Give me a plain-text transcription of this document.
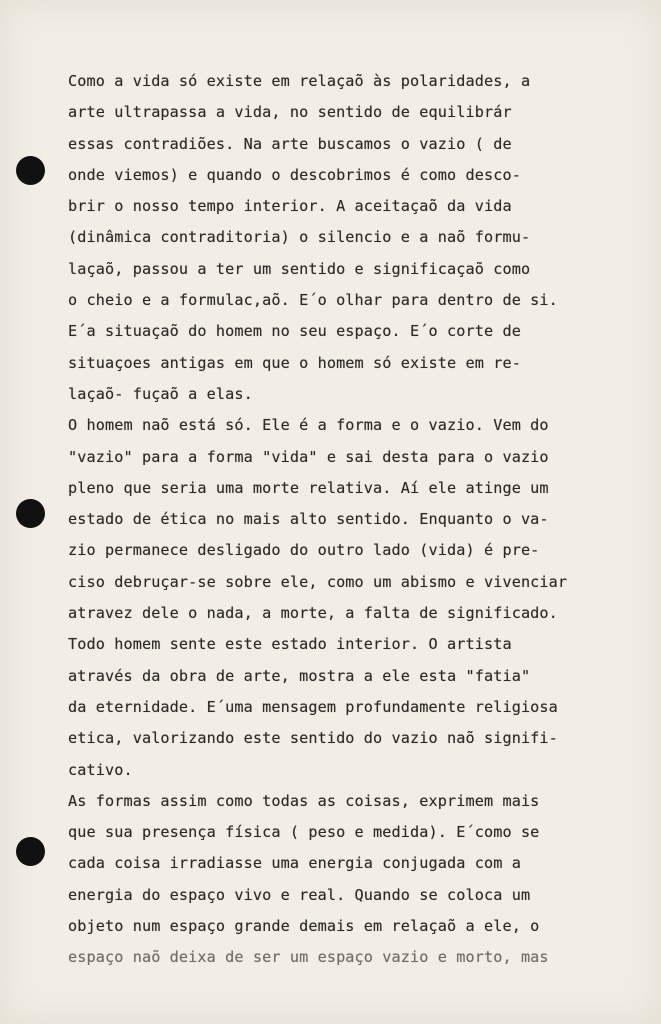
Como a vida só existe em relaçaõ às polaridades, a
arte ultrapassa a vida, no sentido de equilibrár
essas contradiões. Na arte buscamos o vazio ( de
onde viemos) e quando o descobrimos é como desco-
brir o nosso tempo interior. A aceitaçaõ da vida
(dinâmica contraditoria) o silencio e a naõ formu-
laçaõ, passou a ter um sentido e significaçaõ como
o cheio e a formulac,aõ. E´o olhar para dentro de si.
E´a situaçaõ do homem no seu espaço. E´o corte de
situaçoes antigas em que o homem só existe em re-
laçaõ- fuçaõ a elas.
O homem naõ está só. Ele é a forma e o vazio. Vem do
"vazio" para a forma "vida" e sai desta para o vazio
pleno que seria uma morte relativa. Aí ele atinge um
estado de ética no mais alto sentido. Enquanto o va-
zio permanece desligado do outro lado (vida) é pre-
ciso debruçar-se sobre ele, como um abismo e vivenciar
atravez dele o nada, a morte, a falta de significado.
Todo homem sente este estado interior. O artista
através da obra de arte, mostra a ele esta "fatia"
da eternidade. E´uma mensagem profundamente religiosa
etica, valorizando este sentido do vazio naõ signifi-
cativo.
As formas assim como todas as coisas, exprimem mais
que sua presença física ( peso e medida). E´como se
cada coisa irradiasse uma energia conjugada com a
energia do espaço vivo e real. Quando se coloca um
objeto num espaço grande demais em relaçaõ a ele, o
espaço naõ deixa de ser um espaço vazio e morto, mas
